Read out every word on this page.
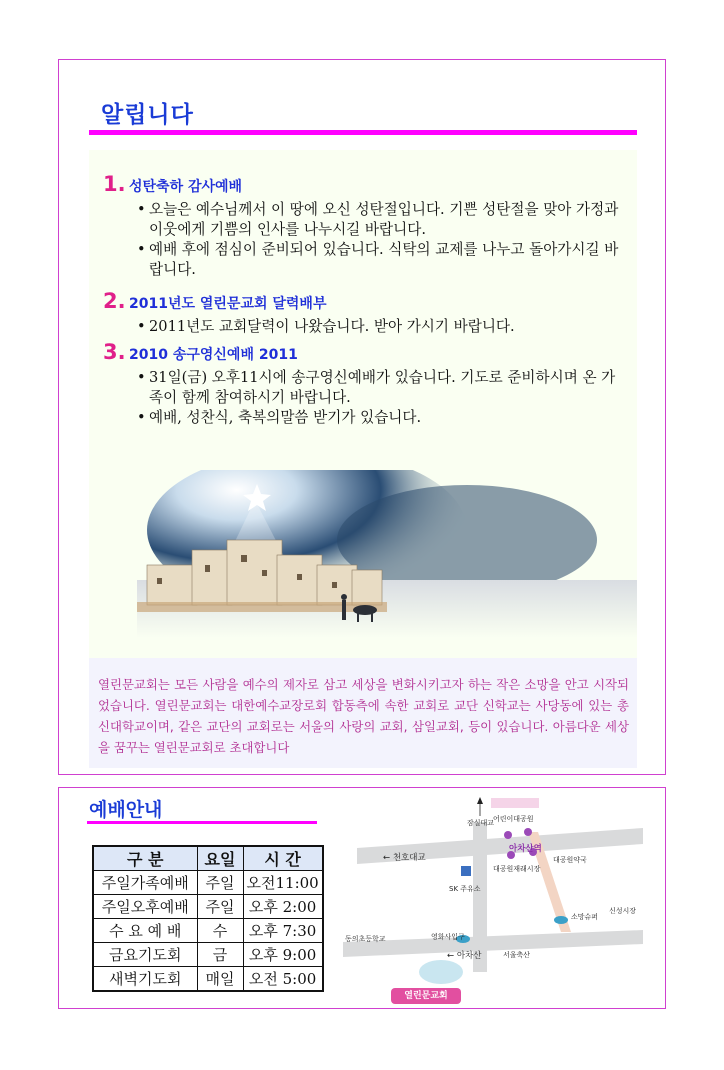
알립니다
1. 성탄축하 감사예배

• 오늘은 예수님께서 이 땅에 오신 성탄절입니다. 기쁜 성탄절을 맞아 가정과 이웃에게 기쁨의 인사를 나누시길 바랍니다.

• 예배 후에 점심이 준비되어 있습니다. 식탁의 교제를 나누고 돌아가시길 바랍니다.

2. 2011년도 열린문교회 달력배부

• 2011년도 교회달력이 나왔습니다. 받아 가시기 바랍니다.

3. 2010 송구영신예배 2011

• 31일(금) 오후11시에 송구영신예배가 있습니다. 기도로 준비하시며 온 가족이 함께 참여하시기 바랍니다.

• 예배, 성찬식, 축복의말씀 받기가 있습니다.

열린문교회는 모든 사람을 예수의 제자로 삼고 세상을 변화시키고자 하는 작은 소망을 안고 시작되었습니다. 열린문교회는 대한예수교장로회 합동측에 속한 교회로 교단 신학교는 사당동에 있는 총신대학교이며, 같은 교단의 교회로는 서울의 사랑의 교회, 삼일교회, 등이 있습니다. 아름다운 세상을 꿈꾸는 열린문교회로 초대합니다

예배안내
구 분	요일	시 간
주일가족예배	주일	오전11:00
주일오후예배	주일	오후 2:00
수 요 예 배	수	오후 7:30
금요기도회	금	오후 9:00
새벽기도회	매일	오전 5:00
잠실대교
어린이대공원
← 천호대교
아차산역
대공원약국
대공원재래시장
SK 주유소
소망슈퍼
신성시장
동의초등학교	영화사입구
← 아차산	서울축산
열린문교회
